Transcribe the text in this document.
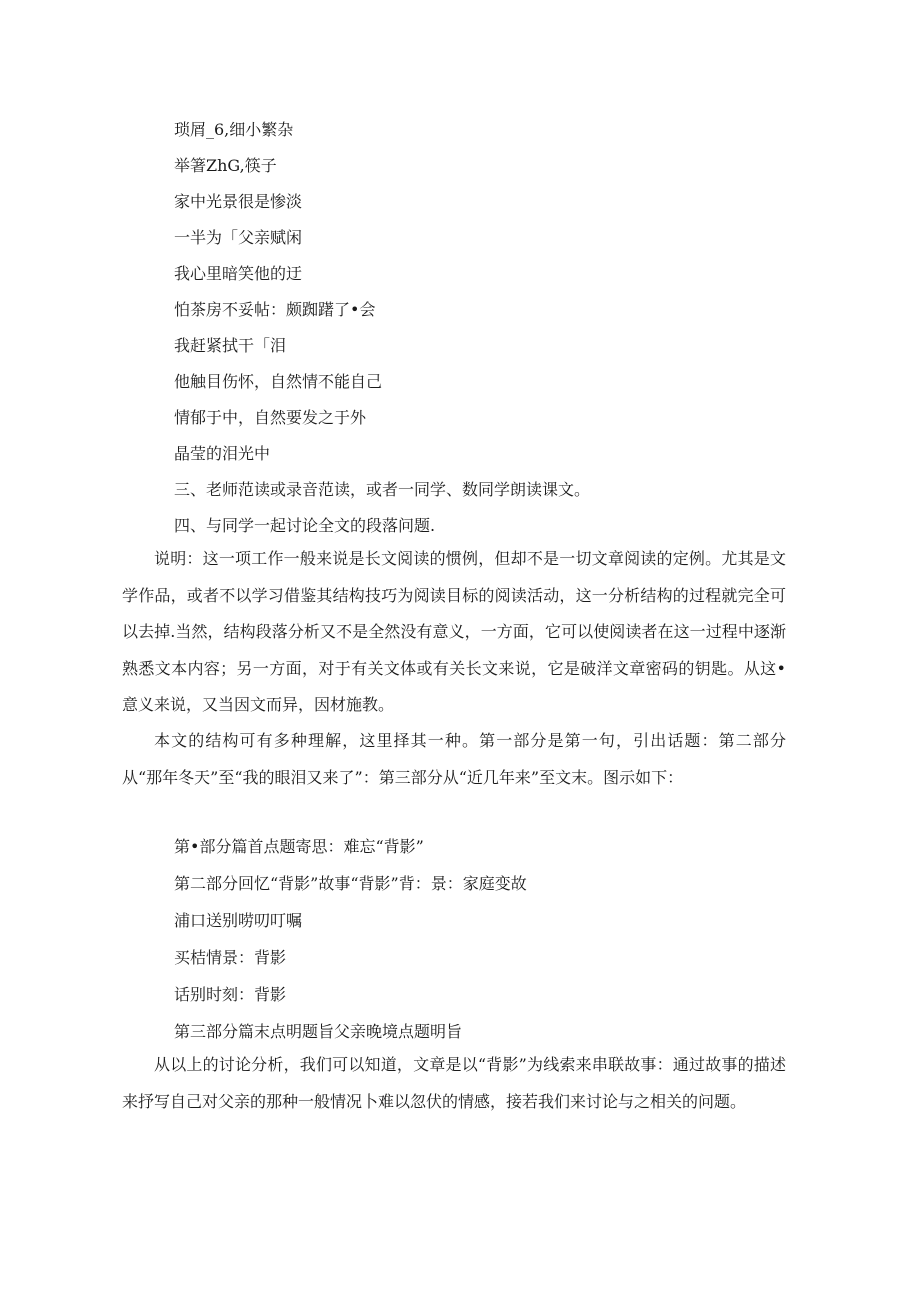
琐屑_6,细小繁杂
举箸ZhG,筷子
家中光景很是惨淡
一半为「父亲赋闲
我心里暗笑他的迂
怕茶房不妥帖：颇踟躇了•会
我赶紧拭干「泪
他触目伤怀，自然情不能自己
情郁于中，自然要发之于外
晶莹的泪光中
三、老师范读或录音范读，或者一同学、数同学朗读课文。
四、与同学一起讨论全文的段落问题.

说明：这一项工作一般来说是长文阅读的惯例，但却不是一切文章阅读的定例。尤其是文学作品，或者不以学习借鉴其结构技巧为阅读目标的阅读活动，这一分析结构的过程就完全可以去掉.当然，结构段落分析又不是全然没有意义，一方面，它可以使阅读者在这一过程中逐渐熟悉文本内容；另一方面，对于有关文体或有关长文来说，它是破洋文章密码的钥匙。从这•意义来说，又当因文而异，因材施教。

本文的结构可有多种理解，这里择其一种。第一部分是第一句，引出话题：第二部分从“那年冬天”至“我的眼泪又来了”：第三部分从“近几年来”至文末。图示如下：

第•部分篇首点题寄思：难忘“背影”
第二部分回忆“背影”故事“背影”背：景：家庭变故
浦口送别唠叨叮嘱
买桔情景：背影
话别时刻：背影
第三部分篇末点明题旨父亲晚境点题明旨

从以上的讨论分析，我们可以知道，文章是以“背影”为线索来串联故事：通过故事的描述来抒写自己对父亲的那种一般情况卜难以忽伏的情感，接若我们来讨论与之相关的问题。
